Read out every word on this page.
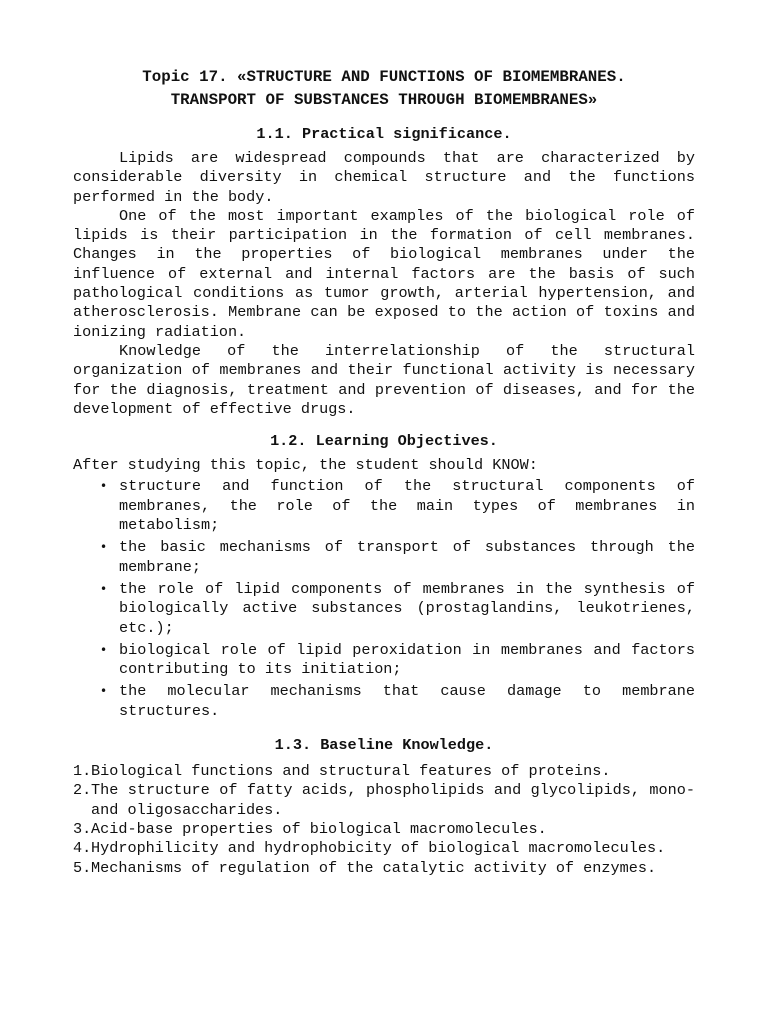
Topic 17. «STRUCTURE AND FUNCTIONS OF BIOMEMBRANES.
TRANSPORT OF SUBSTANCES THROUGH BIOMEMBRANES»
1.1. Practical significance.

Lipids are widespread compounds that are characterized by considerable diversity in chemical structure and the functions performed in the body.

One of the most important examples of the biological role of lipids is their participation in the formation of cell membranes. Changes in the properties of biological membranes under the influence of external and internal factors are the basis of such pathological conditions as tumor growth, arterial hypertension, and atherosclerosis. Membrane can be exposed to the action of toxins and ionizing radiation.

Knowledge of the interrelationship of the structural organization of membranes and their functional activity is necessary for the diagnosis, treatment and prevention of diseases, and for the development of effective drugs.

1.2. Learning Objectives.

After studying this topic, the student should KNOW:

• structure and function of the structural components of membranes, the role of the main types of membranes in metabolism;
• the basic mechanisms of transport of substances through the membrane;
• the role of lipid components of membranes in the synthesis of biologically active substances (prostaglandins, leukotrienes, etc.);
• biological role of lipid peroxidation in membranes and factors contributing to its initiation;
• the molecular mechanisms that cause damage to membrane structures.
1.3. Baseline Knowledge.
1. Biological functions and structural features of proteins.
2. The structure of fatty acids, phospholipids and glycolipids, mono- and oligosaccharides.
3. Acid-base properties of biological macromolecules.
4. Hydrophilicity and hydrophobicity of biological macromolecules.
5. Mechanisms of regulation of the catalytic activity of enzymes.
